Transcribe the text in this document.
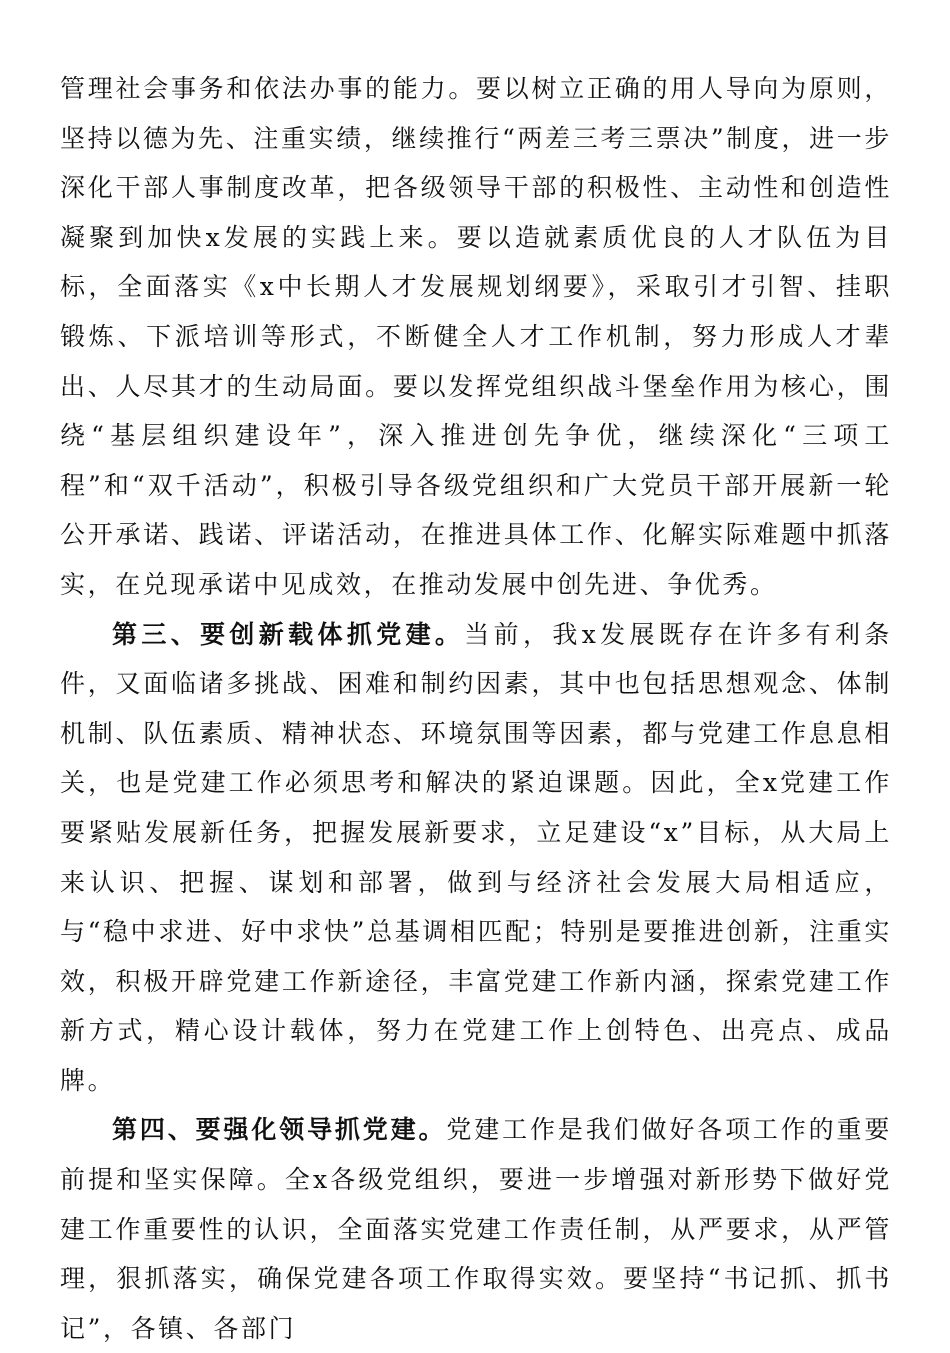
管理社会事务和依法办事的能力。要以树立正确的用人导向为原则，坚持以德为先、注重实绩，继续推行“两差三考三票决”制度，进一步深化干部人事制度改革，把各级领导干部的积极性、主动性和创造性凝聚到加快x发展的实践上来。要以造就素质优良的人才队伍为目标，全面落实《x中长期人才发展规划纲要》，采取引才引智、挂职锻炼、下派培训等形式，不断健全人才工作机制，努力形成人才辈出、人尽其才的生动局面。要以发挥党组织战斗堡垒作用为核心，围绕“基层组织建设年”，深入推进创先争优，继续深化“三项工程”和“双千活动”，积极引导各级党组织和广大党员干部开展新一轮公开承诺、践诺、评诺活动，在推进具体工作、化解实际难题中抓落实，在兑现承诺中见成效，在推动发展中创先进、争优秀。

第三、要创新载体抓党建。当前，我x发展既存在许多有利条件，又面临诸多挑战、困难和制约因素，其中也包括思想观念、体制机制、队伍素质、精神状态、环境氛围等因素，都与党建工作息息相关，也是党建工作必须思考和解决的紧迫课题。因此，全x党建工作要紧贴发展新任务，把握发展新要求，立足建设“x”目标，从大局上来认识、把握、谋划和部署，做到与经济社会发展大局相适应，与“稳中求进、好中求快”总基调相匹配；特别是要推进创新，注重实效，积极开辟党建工作新途径，丰富党建工作新内涵，探索党建工作新方式，精心设计载体，努力在党建工作上创特色、出亮点、成品牌。

第四、要强化领导抓党建。党建工作是我们做好各项工作的重要前提和坚实保障。全x各级党组织，要进一步增强对新形势下做好党建工作重要性的认识，全面落实党建工作责任制，从严要求，从严管理，狠抓落实，确保党建各项工作取得实效。要坚持“书记抓、抓书记”，各镇、各部门
